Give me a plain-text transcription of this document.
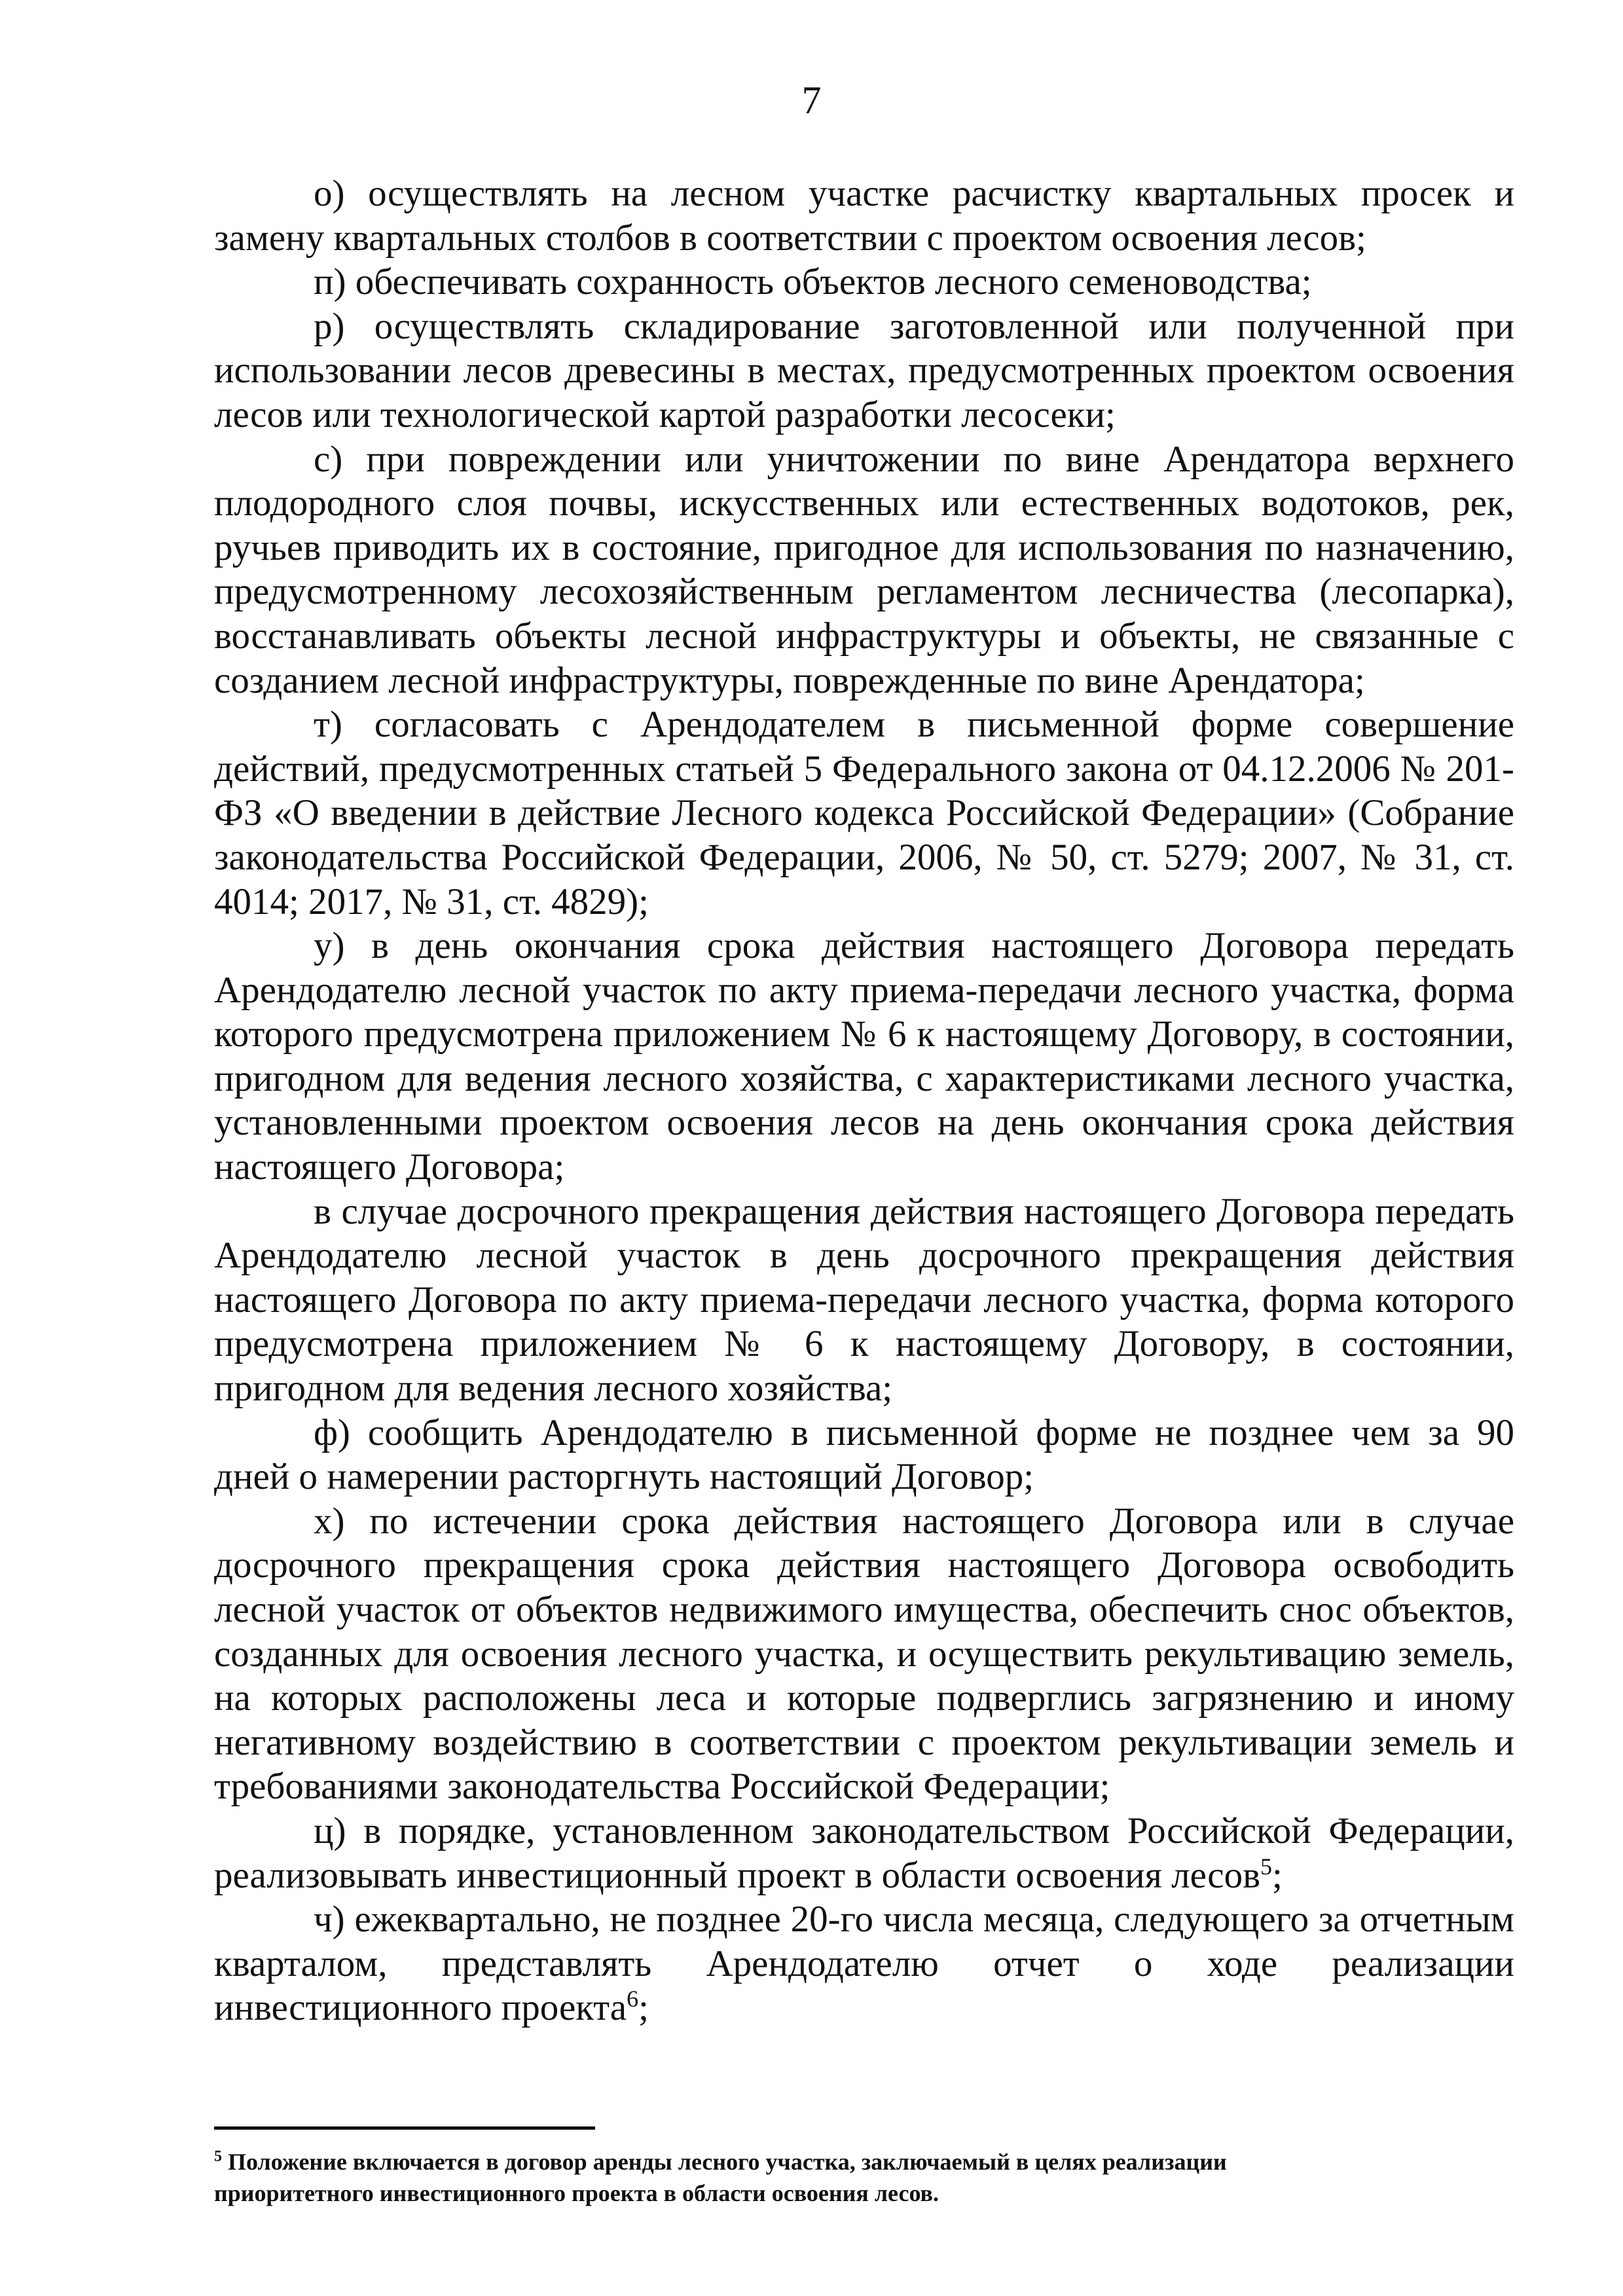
7

о) осуществлять на лесном участке расчистку квартальных просек и замену квартальных столбов в соответствии с проектом освоения лесов;

п) обеспечивать сохранность объектов лесного семеноводства;

р) осуществлять складирование заготовленной или полученной при использовании лесов древесины в местах, предусмотренных проектом освоения лесов или технологической картой разработки лесосеки;

с) при повреждении или уничтожении по вине Арендатора верхнего плодородного слоя почвы, искусственных или естественных водотоков, рек, ручьев приводить их в состояние, пригодное для использования по назначению, предусмотренному лесохозяйственным регламентом лесничества (лесопарка), восстанавливать объекты лесной инфраструктуры и объекты, не связанные с созданием лесной инфраструктуры, поврежденные по вине Арендатора;

т) согласовать с Арендодателем в письменной форме совершение действий, предусмотренных статьей 5 Федерального закона от 04.12.2006 № 201-ФЗ «О введении в действие Лесного кодекса Российской Федерации» (Собрание законодательства Российской Федерации, 2006, № 50, ст. 5279; 2007, № 31, ст. 4014; 2017, № 31, ст. 4829);

у) в день окончания срока действия настоящего Договора передать Арендодателю лесной участок по акту приема-передачи лесного участка, форма которого предусмотрена приложением № 6 к настоящему Договору, в состоянии, пригодном для ведения лесного хозяйства, с характеристиками лесного участка, установленными проектом освоения лесов на день окончания срока действия настоящего Договора;

в случае досрочного прекращения действия настоящего Договора передать Арендодателю лесной участок в день досрочного прекращения действия настоящего Договора по акту приема-передачи лесного участка, форма которого предусмотрена приложением № 6 к настоящему Договору, в состоянии, пригодном для ведения лесного хозяйства;

ф) сообщить Арендодателю в письменной форме не позднее чем за 90 дней о намерении расторгнуть настоящий Договор;

х) по истечении срока действия настоящего Договора или в случае досрочного прекращения срока действия настоящего Договора освободить лесной участок от объектов недвижимого имущества, обеспечить снос объектов, созданных для освоения лесного участка, и осуществить рекультивацию земель, на которых расположены леса и которые подверглись загрязнению и иному негативному воздействию в соответствии с проектом рекультивации земель и требованиями законодательства Российской Федерации;

ц) в порядке, установленном законодательством Российской Федерации, реализовывать инвестиционный проект в области освоения лесов$^5$;

ч) ежеквартально, не позднее 20-го числа месяца, следующего за отчетным кварталом, представлять Арендодателю отчет о ходе реализации инвестиционного проекта$^6$;

$^5$ Положение включается в договор аренды лесного участка, заключаемый в целях реализации приоритетного инвестиционного проекта в области освоения лесов.
